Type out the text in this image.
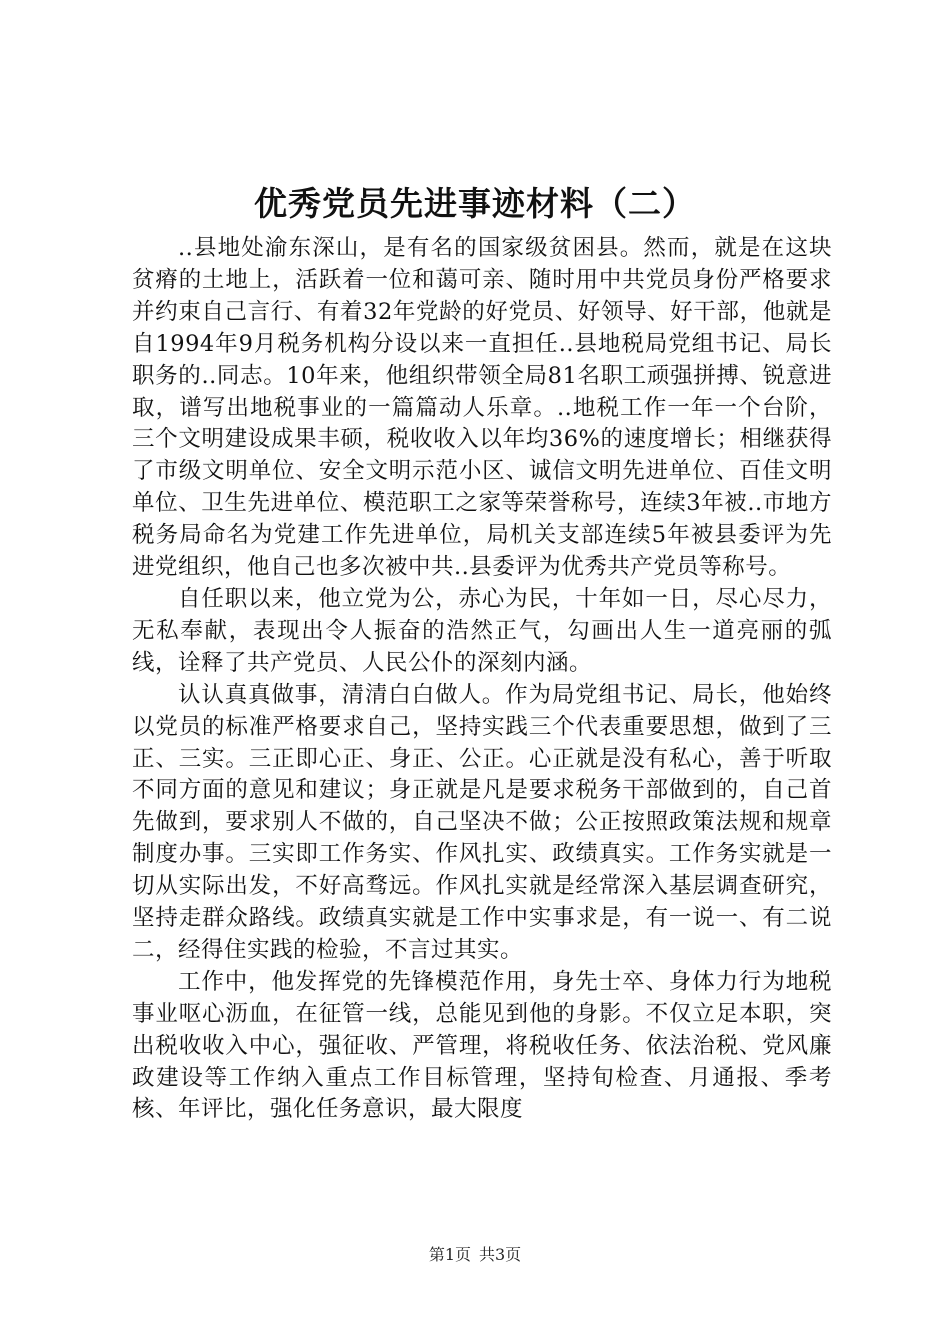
优秀党员先进事迹材料（二）

..县地处渝东深山，是有名的国家级贫困县。然而，就是在这块贫瘠的土地上，活跃着一位和蔼可亲、随时用中共党员身份严格要求并约束自己言行、有着32年党龄的好党员、好领导、好干部，他就是自1994年9月税务机构分设以来一直担任..县地税局党组书记、局长职务的..同志。10年来，他组织带领全局81名职工顽强拼搏、锐意进取，谱写出地税事业的一篇篇动人乐章。..地税工作一年一个台阶，三个文明建设成果丰硕，税收收入以年均36%的速度增长；相继获得了市级文明单位、安全文明示范小区、诚信文明先进单位、百佳文明单位、卫生先进单位、模范职工之家等荣誉称号，连续3年被..市地方税务局命名为党建工作先进单位，局机关支部连续5年被县委评为先进党组织，他自己也多次被中共..县委评为优秀共产党员等称号。

自任职以来，他立党为公，赤心为民，十年如一日，尽心尽力，无私奉献，表现出令人振奋的浩然正气，勾画出人生一道亮丽的弧线，诠释了共产党员、人民公仆的深刻内涵。

认认真真做事，清清白白做人。作为局党组书记、局长，他始终以党员的标准严格要求自己，坚持实践三个代表重要思想，做到了三正、三实。三正即心正、身正、公正。心正就是没有私心，善于听取不同方面的意见和建议；身正就是凡是要求税务干部做到的，自己首先做到，要求别人不做的，自己坚决不做；公正按照政策法规和规章制度办事。三实即工作务实、作风扎实、政绩真实。工作务实就是一切从实际出发，不好高骛远。作风扎实就是经常深入基层调查研究，坚持走群众路线。政绩真实就是工作中实事求是，有一说一、有二说二，经得住实践的检验，不言过其实。

工作中，他发挥党的先锋模范作用，身先士卒、身体力行为地税事业呕心沥血，在征管一线，总能见到他的身影。不仅立足本职，突出税收收入中心，强征收、严管理，将税收任务、依法治税、党风廉政建设等工作纳入重点工作目标管理，坚持旬检查、月通报、季考核、年评比，强化任务意识，最大限度

第1页 共3页
